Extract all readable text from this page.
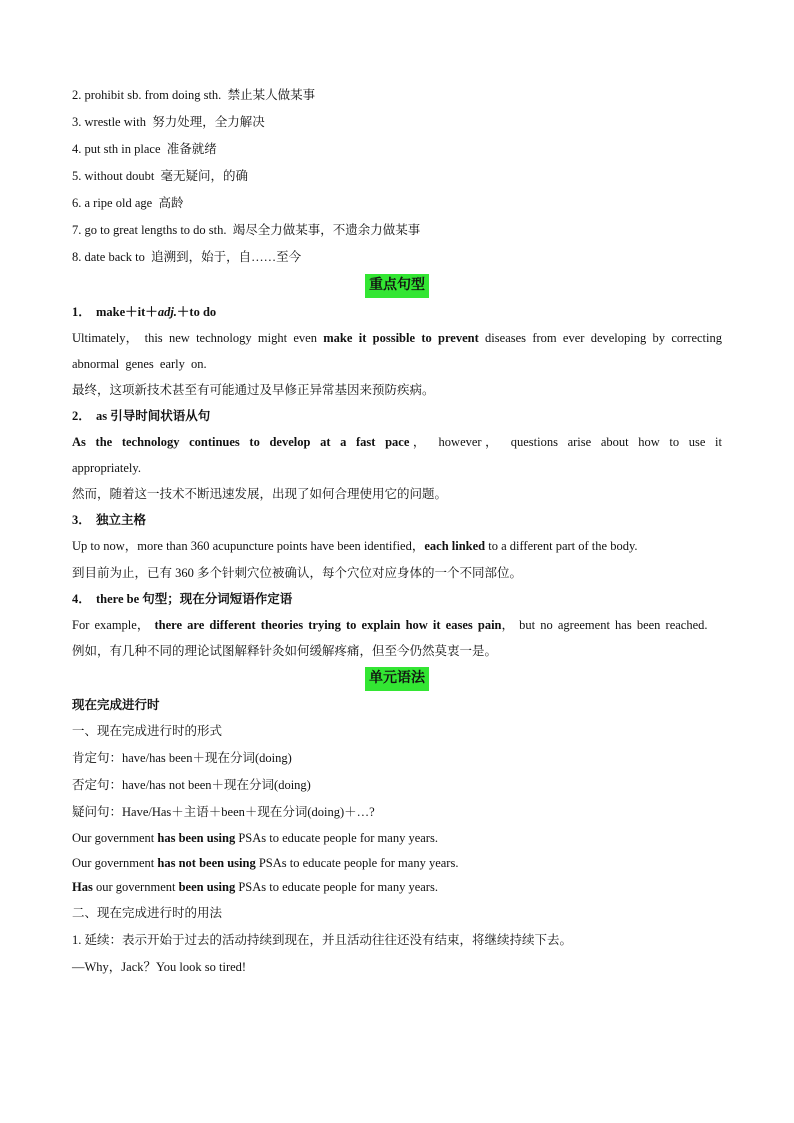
2. prohibit sb. from doing sth. 禁止某人做某事
3. wrestle with 努力处理，全力解决
4. put sth in place 准备就绪
5. without doubt 毫无疑问，的确
6. a ripe old age 高龄
7. go to great lengths to do sth. 竭尽全力做某事，不遗余力做某事
8. date back to 追溯到，始于，自……至今
重点句型
1． make＋it＋adj.＋to do
Ultimately， this new technology might even make it possible to prevent diseases from ever developing by correcting abnormal genes early on.
最终，这项新技术甚至有可能通过及早修正异常基因来预防疾病。
2． as 引导时间状语从句
As the technology continues to develop at a fast pace， however， questions arise about how to use it appropriately.
然而，随着这一技术不断迅速发展，出现了如何合理使用它的问题。
3． 独立主格
Up to now，more than 360 acupuncture points have been identified，each linked to a different part of the body.
到目前为止，已有 360 多个针刺穴位被确认，每个穴位对应身体的一个不同部位。
4． there be 句型；现在分词短语作定语
For example， there are different theories trying to explain how it eases pain， but no agreement has been reached.
例如，有几种不同的理论试图解释针灸如何缓解疼痛，但至今仍然莫衷一是。
单元语法
现在完成进行时
一、现在完成进行时的形式
肯定句：have/has been＋现在分词(doing)
否定句：have/has not been＋现在分词(doing)
疑问句：Have/Has＋主语＋been＋现在分词(doing)＋…?
Our government has been using PSAs to educate people for many years.
Our government has not been using PSAs to educate people for many years.
Has our government been using PSAs to educate people for many years.
二、现在完成进行时的用法
1. 延续：表示开始于过去的活动持续到现在，并且活动往往还没有结束，将继续持续下去。
—Why，Jack？You look so tired!
